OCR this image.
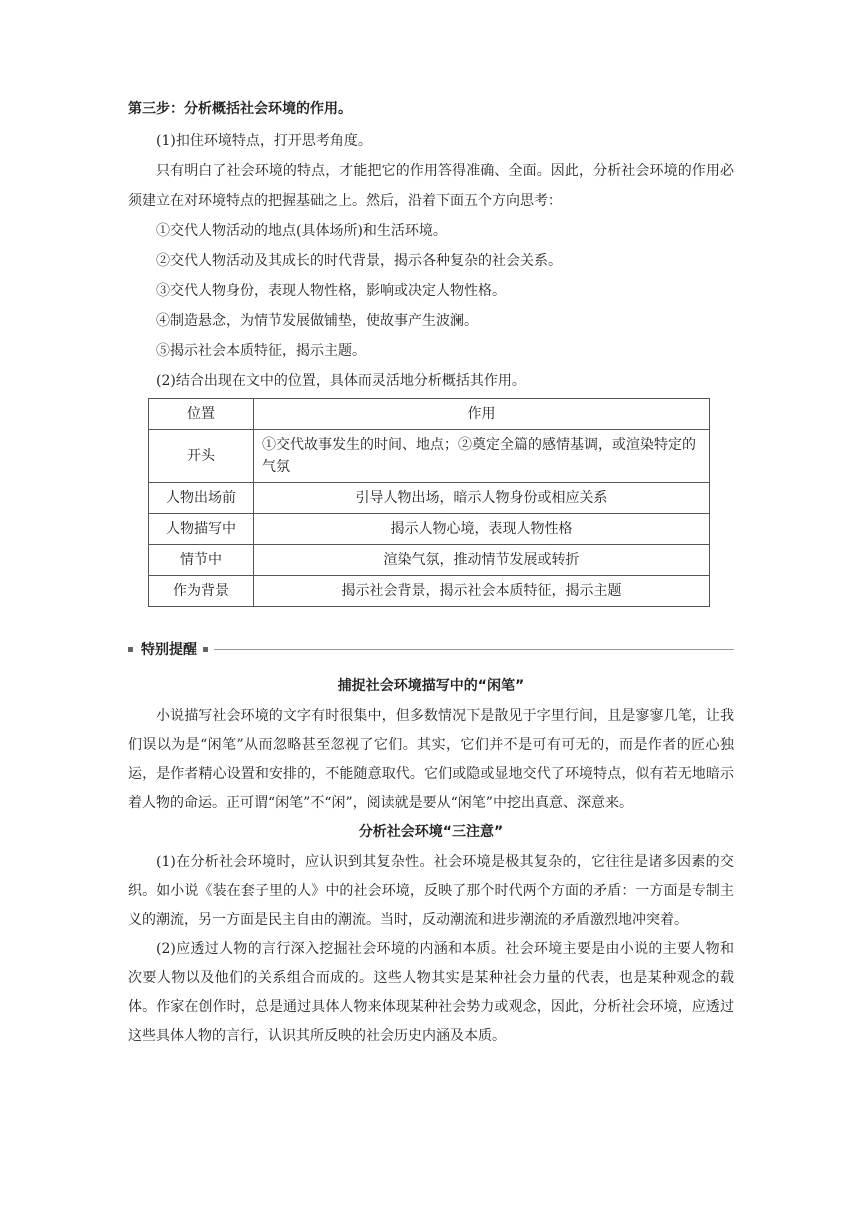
第三步：分析概括社会环境的作用。

(1)扣住环境特点，打开思考角度。

只有明白了社会环境的特点，才能把它的作用答得准确、全面。因此，分析社会环境的作用必须建立在对环境特点的把握基础之上。然后，沿着下面五个方向思考：

①交代人物活动的地点(具体场所)和生活环境。

②交代人物活动及其成长的时代背景，揭示各种复杂的社会关系。

③交代人物身份，表现人物性格，影响或决定人物性格。

④制造悬念，为情节发展做铺垫，使故事产生波澜。

⑤揭示社会本质特征，揭示主题。

(2)结合出现在文中的位置，具体而灵活地分析概括其作用。

位置	作用
开头	①交代故事发生的时间、地点；②奠定全篇的感情基调，或渲染特定的气氛
人物出场前	引导人物出场，暗示人物身份或相应关系
人物描写中	揭示人物心境，表现人物性格
情节中	渲染气氛，推动情节发展或转折
作为背景	揭示社会背景，揭示社会本质特征，揭示主题
特别提醒
捕捉社会环境描写中的“闲笔”

小说描写社会环境的文字有时很集中，但多数情况下是散见于字里行间，且是寥寥几笔，让我们误以为是“闲笔”从而忽略甚至忽视了它们。其实，它们并不是可有可无的，而是作者的匠心独运，是作者精心设置和安排的，不能随意取代。它们或隐或显地交代了环境特点，似有若无地暗示着人物的命运。正可谓“闲笔”不“闲”，阅读就是要从“闲笔”中挖出真意、深意来。

分析社会环境“三注意”

(1)在分析社会环境时，应认识到其复杂性。社会环境是极其复杂的，它往往是诸多因素的交织。如小说《装在套子里的人》中的社会环境，反映了那个时代两个方面的矛盾：一方面是专制主义的潮流，另一方面是民主自由的潮流。当时，反动潮流和进步潮流的矛盾激烈地冲突着。

(2)应透过人物的言行深入挖掘社会环境的内涵和本质。社会环境主要是由小说的主要人物和次要人物以及他们的关系组合而成的。这些人物其实是某种社会力量的代表，也是某种观念的载体。作家在创作时，总是通过具体人物来体现某种社会势力或观念，因此，分析社会环境，应透过这些具体人物的言行，认识其所反映的社会历史内涵及本质。
